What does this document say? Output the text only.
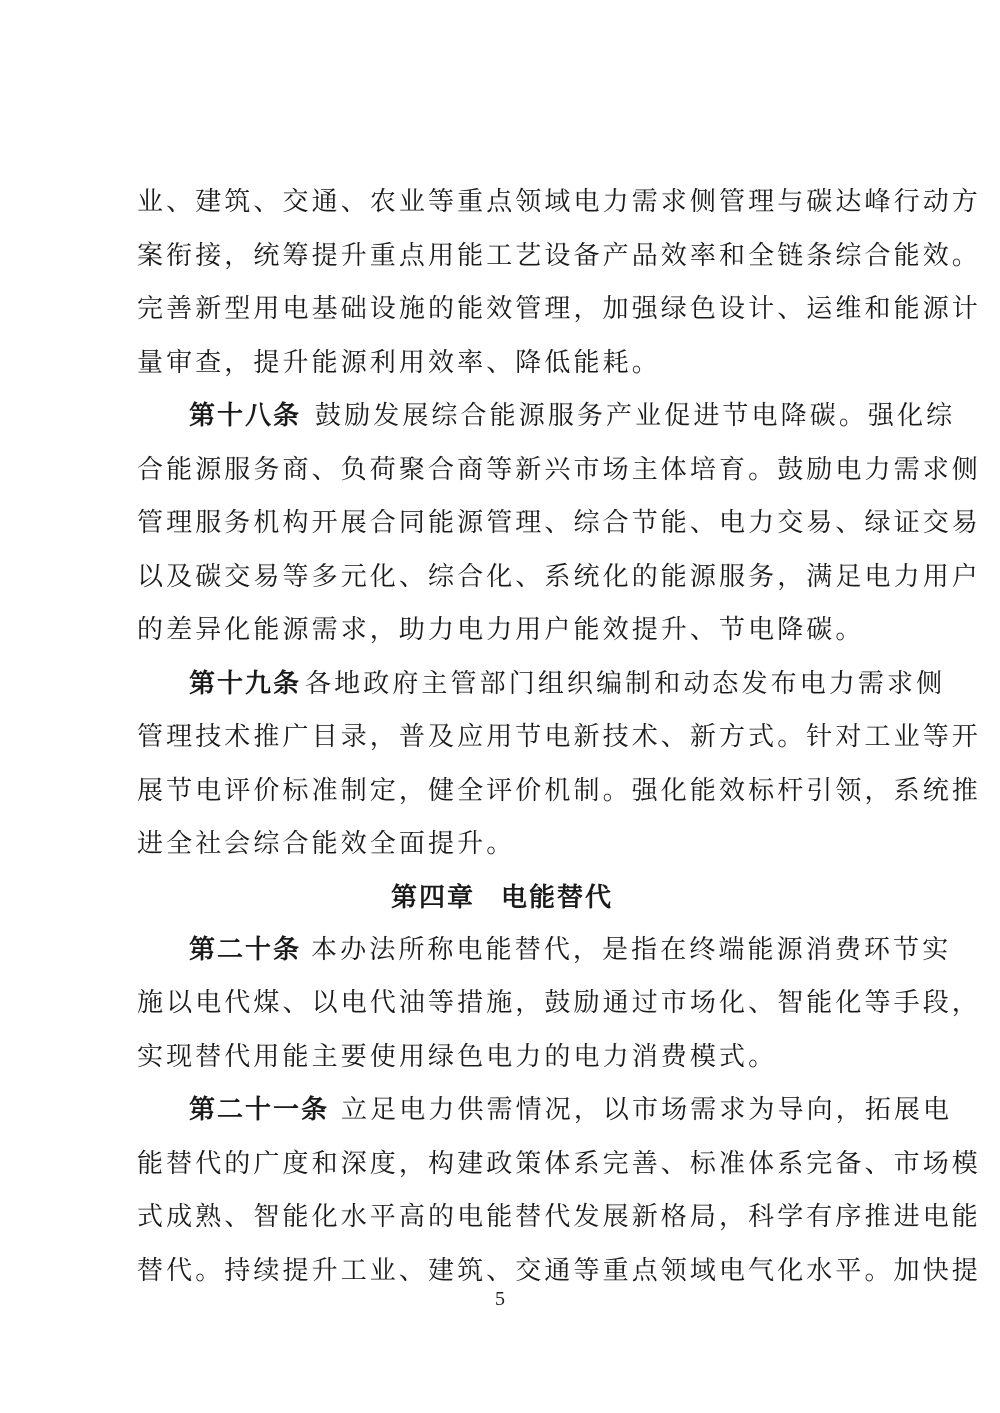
业、建筑、交通、农业等重点领域电力需求侧管理与碳达峰行动方
案衔接，统筹提升重点用能工艺设备产品效率和全链条综合能效。
完善新型用电基础设施的能效管理，加强绿色设计、运维和能源计
量审查，提升能源利用效率、降低能耗。
第十八条 鼓励发展综合能源服务产业促进节电降碳。强化综
合能源服务商、负荷聚合商等新兴市场主体培育。鼓励电力需求侧
管理服务机构开展合同能源管理、综合节能、电力交易、绿证交易
以及碳交易等多元化、综合化、系统化的能源服务，满足电力用户
的差异化能源需求，助力电力用户能效提升、节电降碳。
第十九条 各地政府主管部门组织编制和动态发布电力需求侧
管理技术推广目录，普及应用节电新技术、新方式。针对工业等开
展节电评价标准制定，健全评价机制。强化能效标杆引领，系统推
进全社会综合能效全面提升。
第四章 电能替代
第二十条 本办法所称电能替代，是指在终端能源消费环节实
施以电代煤、以电代油等措施，鼓励通过市场化、智能化等手段，
实现替代用能主要使用绿色电力的电力消费模式。
第二十一条 立足电力供需情况，以市场需求为导向，拓展电
能替代的广度和深度，构建政策体系完善、标准体系完备、市场模
式成熟、智能化水平高的电能替代发展新格局，科学有序推进电能
替代。持续提升工业、建筑、交通等重点领域电气化水平。加快提
5
